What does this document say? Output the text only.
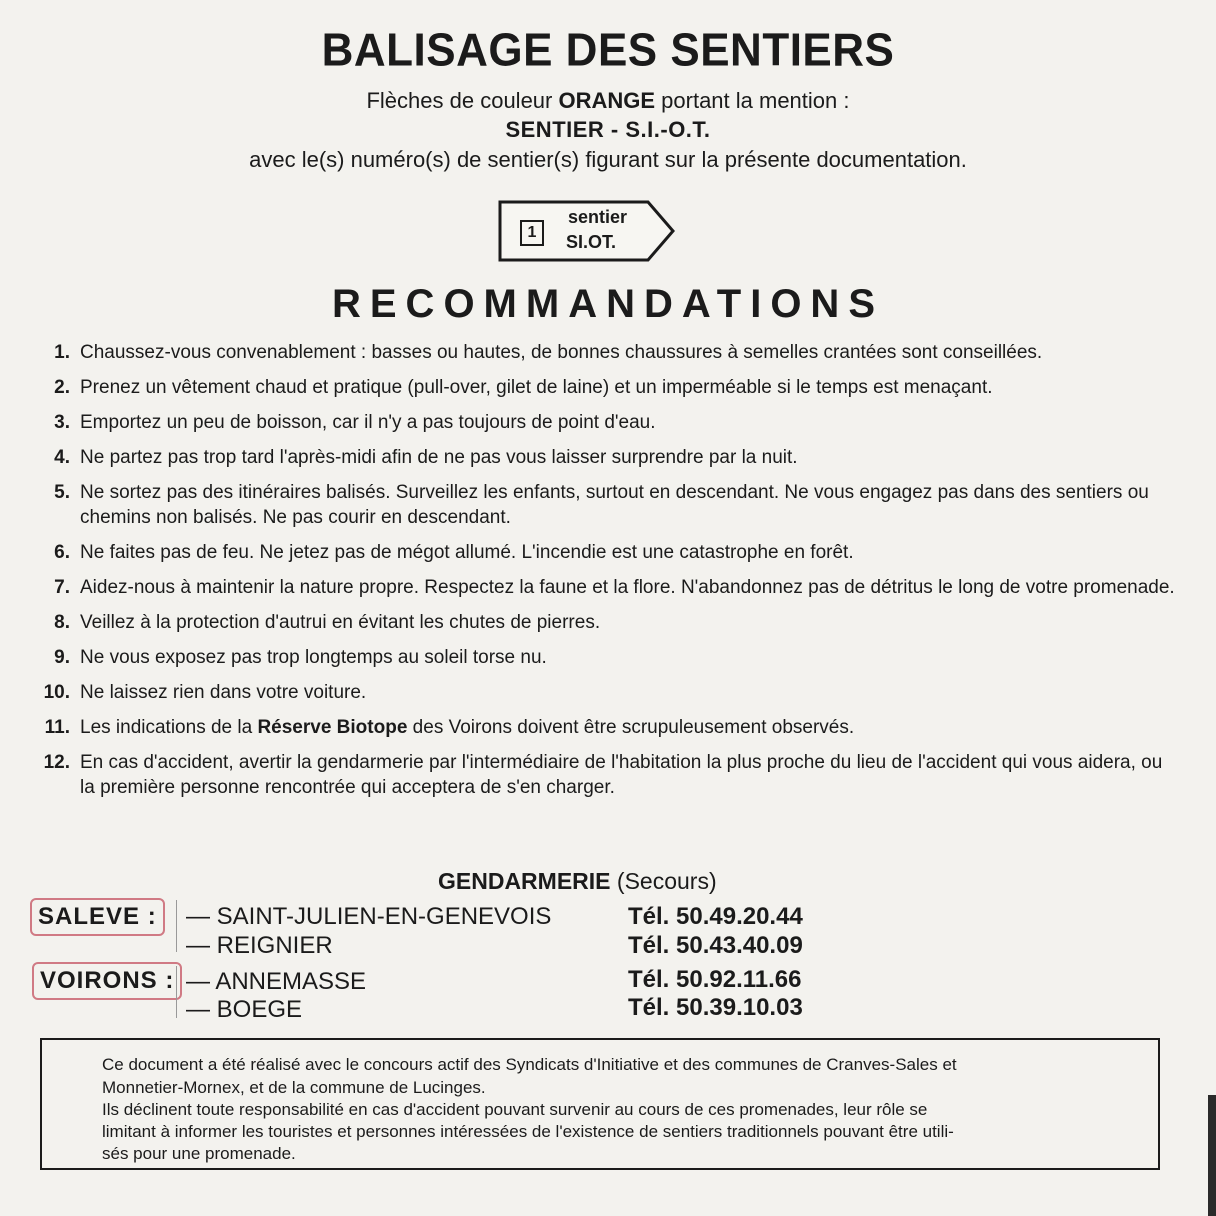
BALISAGE DES SENTIERS
Flèches de couleur ORANGE portant la mention :
SENTIER - S.I.-O.T.
avec le(s) numéro(s) de sentier(s) figurant sur la présente documentation.
1
sentier
SI.OT.
RECOMMANDATIONS
1. Chaussez-vous convenablement : basses ou hautes, de bonnes chaussures à semelles crantées sont conseillées.
2. Prenez un vêtement chaud et pratique (pull-over, gilet de laine) et un imperméable si le temps est menaçant.
3. Emportez un peu de boisson, car il n'y a pas toujours de point d'eau.
4. Ne partez pas trop tard l'après-midi afin de ne pas vous laisser surprendre par la nuit.
5. Ne sortez pas des itinéraires balisés. Surveillez les enfants, surtout en descendant. Ne vous engagez pas dans des sentiers ou chemins non balisés. Ne pas courir en descendant.
6. Ne faites pas de feu. Ne jetez pas de mégot allumé. L'incendie est une catastrophe en forêt.
7. Aidez-nous à maintenir la nature propre. Respectez la faune et la flore. N'abandonnez pas de détritus le long de votre promenade.
8. Veillez à la protection d'autrui en évitant les chutes de pierres.
9. Ne vous exposez pas trop longtemps au soleil torse nu.
10. Ne laissez rien dans votre voiture.
11. Les indications de la Réserve Biotope des Voirons doivent être scrupuleusement observés.
12. En cas d'accident, avertir la gendarmerie par l'intermédiaire de l'habitation la plus proche du lieu de l'accident qui vous aidera, ou la première personne rencontrée qui acceptera de s'en charger.
GENDARMERIE (Secours)
SALEVE :	— SAINT-JULIEN-EN-GENEVOIS	Tél. 50.49.20.44
— REIGNIER	Tél. 50.43.40.09
VOIRONS : — ANNEMASSE	Tél. 50.92.11.66
— BOEGE	Tél. 50.39.10.03
Ce document a été réalisé avec le concours actif des Syndicats d'Initiative et des communes de Cranves-Sales et
Monnetier-Mornex, et de la commune de Lucinges.
Ils déclinent toute responsabilité en cas d'accident pouvant survenir au cours de ces promenades, leur rôle se
limitant à informer les touristes et personnes intéressées de l'existence de sentiers traditionnels pouvant être utili-
sés pour une promenade.
